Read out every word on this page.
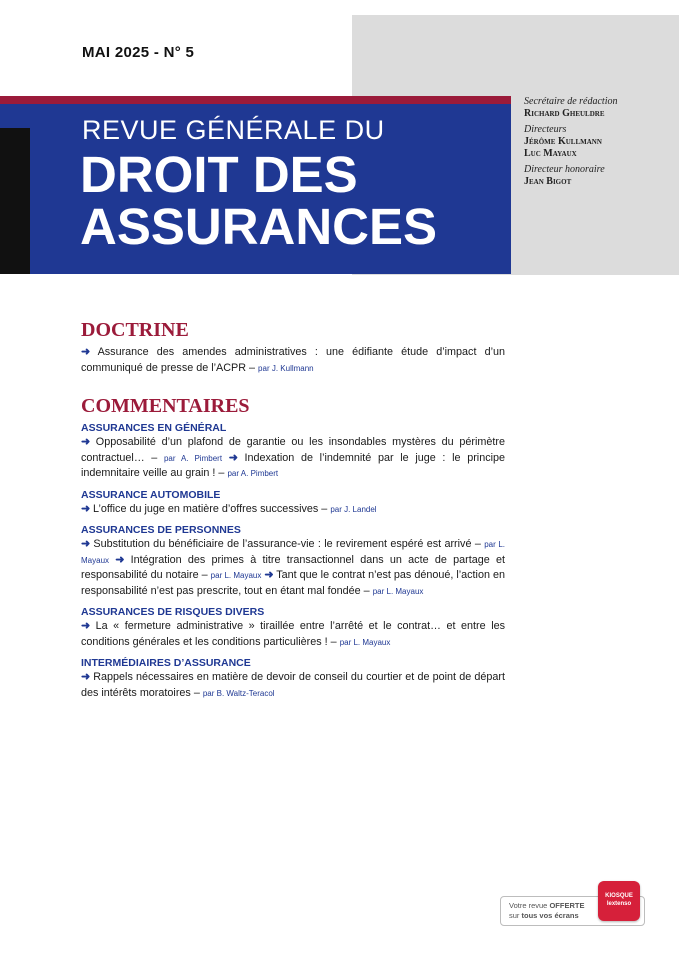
MAI 2025 - N° 5
Lextenso
REVUE GÉNÉRALE DU
DROIT DES
ASSURANCES
Secrétaire de rédaction
Richard Gheuldre
Directeurs
Jérôme Kullmann
Luc Mayaux
Directeur honoraire
Jean Bigot
DOCTRINE

➜ Assurance des amendes administratives : une édifiante étude d’impact d’un communiqué de presse de l’ACPR – par J. Kullmann

COMMENTAIRES
ASSURANCES EN GÉNÉRAL

➜ Opposabilité d’un plafond de garantie ou les insondables mystères du périmètre contractuel… – par A. Pimbert ➜ Indexation de l’indemnité par le juge : le principe indemnitaire veille au grain ! – par A. Pimbert

ASSURANCE AUTOMOBILE

➜ L’office du juge en matière d’offres successives – par J. Landel

ASSURANCES DE PERSONNES

➜ Substitution du bénéficiaire de l’assurance-vie : le revirement espéré est arrivé – par L. Mayaux ➜ Intégration des primes à titre transactionnel dans un acte de partage et responsabilité du notaire – par L. Mayaux ➜ Tant que le contrat n’est pas dénoué, l’action en responsabilité n’est pas prescrite, tout en étant mal fondée – par L. Mayaux

ASSURANCES DE RISQUES DIVERS

➜ La « fermeture administrative » tiraillée entre l’arrêté et le contrat… et entre les conditions générales et les conditions particulières ! – par L. Mayaux

INTERMÉDIAIRES D’ASSURANCE

➜ Rappels nécessaires en matière de devoir de conseil du courtier et de point de départ des intérêts moratoires – par B. Waltz-Teracol

Votre revue OFFERTE
sur tous vos écrans
KIOSQUE
lextenso
